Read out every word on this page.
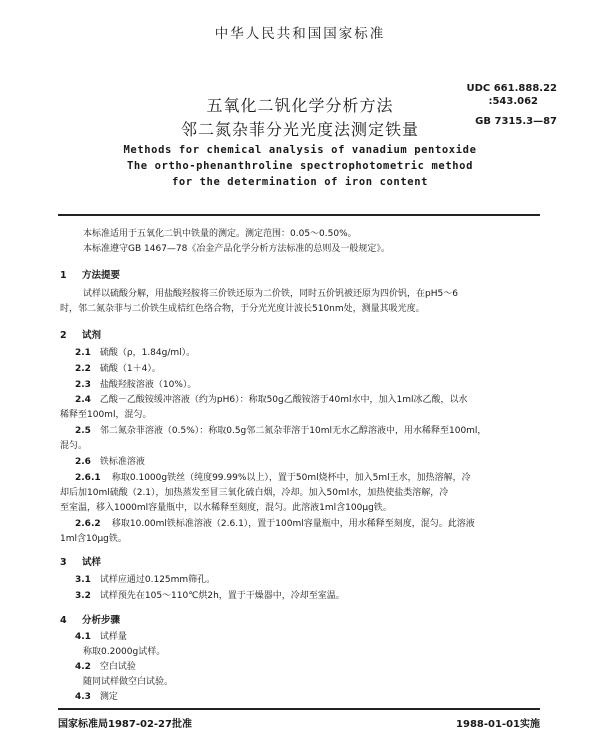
中华人民共和国国家标准
五氧化二钒化学分析方法
邻二氮杂菲分光光度法测定铁量
UDC 661.888.22
:543.062
GB 7315.3—87
Methods for chemical analysis of vanadium pentoxide
The ortho-phenanthroline spectrophotometric method
for the determination of iron content
本标准适用于五氧化二钒中铁量的测定。测定范围：0.05～0.50%。
本标准遵守GB 1467—78《冶金产品化学分析方法标准的总则及一般规定》。
1 方法提要
试样以硫酸分解，用盐酸羟胺将三价铁还原为二价铁，同时五价钒被还原为四价钒，在pH5～6
时，邻二氮杂菲与二价铁生成桔红色络合物，于分光光度计波长510nm处，测量其吸光度。
2 试剂
2.1 硫酸（ρ，1.84g/ml）。
2.2 硫酸（1＋4）。
2.3 盐酸羟胺溶液（10%）。
2.4 乙酸－乙酸铵缓冲溶液（约为pH6）：称取50g乙酸铵溶于40ml水中，加入1ml冰乙酸，以水
稀释至100ml，混匀。
2.5 邻二氮杂菲溶液（0.5%）：称取0.5g邻二氮杂菲溶于10ml无水乙醇溶液中，用水稀释至100ml，
混匀。
2.6 铁标准溶液
2.6.1 称取0.1000g铁丝（纯度99.99%以上），置于50ml烧杯中，加入5ml王水，加热溶解，冷
却后加10ml硫酸（2.1），加热蒸发至冒三氧化硫白烟，冷却。加入50ml水，加热使盐类溶解，冷
至室温，移入1000ml容量瓶中，以水稀释至刻度，混匀。此溶液1ml含100μg铁。
2.6.2 移取10.00ml铁标准溶液（2.6.1），置于100ml容量瓶中，用水稀释至刻度，混匀。此溶液
1ml含10μg铁。
3 试样
3.1 试样应通过0.125mm筛孔。
3.2 试样预先在105～110℃烘2h，置于干燥器中，冷却至室温。
4 分析步骤
4.1 试样量
称取0.2000g试样。
4.2 空白试验
随同试样做空白试验。
4.3 测定
国家标准局1987-02-27批准	1988-01-01实施
